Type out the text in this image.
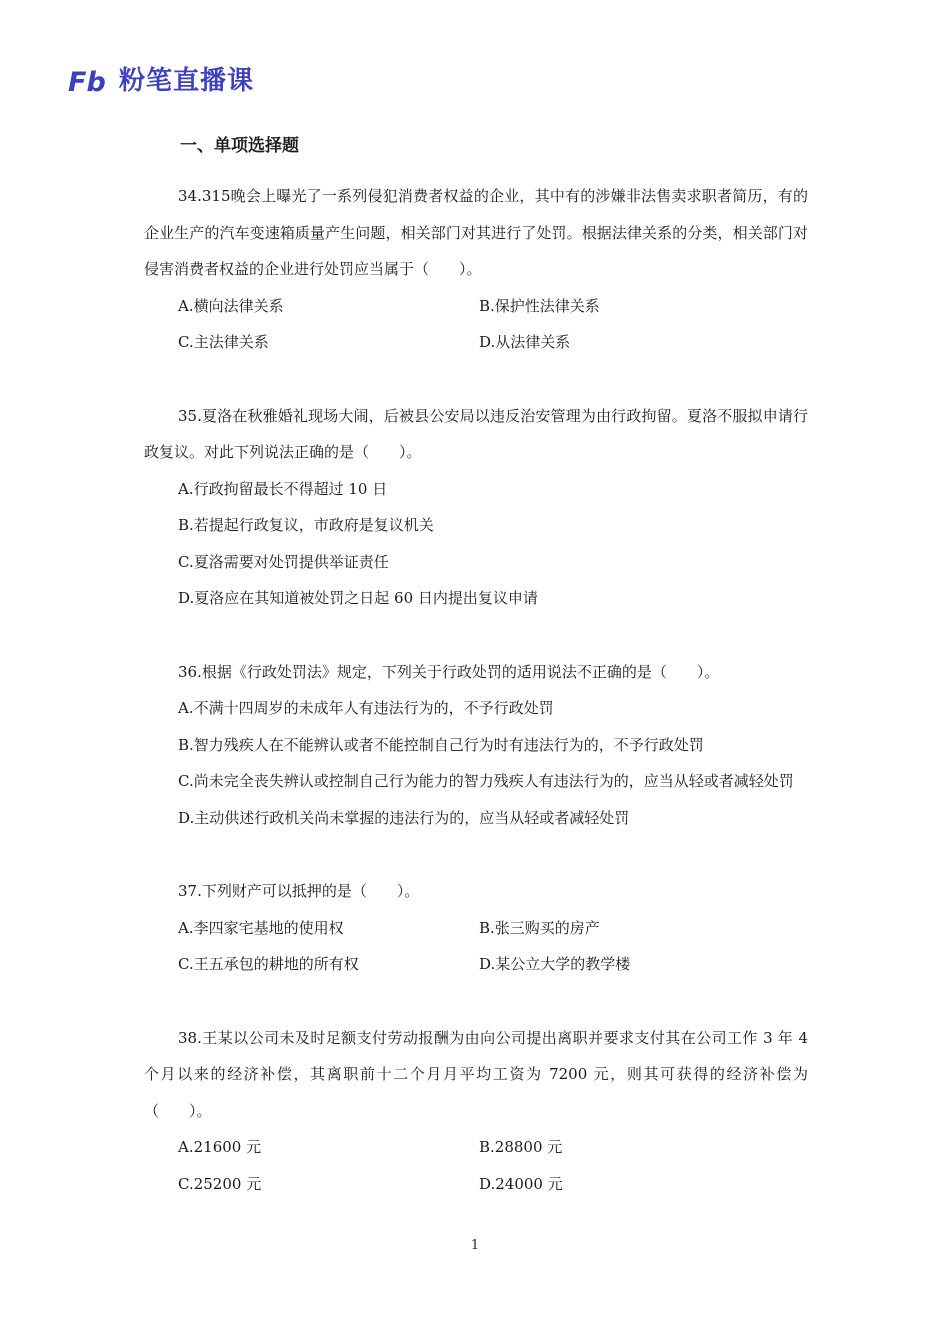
Fb 粉笔直播课
一、单项选择题

34.315晚会上曝光了一系列侵犯消费者权益的企业，其中有的涉嫌非法售卖求职者简历，有的企业生产的汽车变速箱质量产生问题，相关部门对其进行了处罚。根据法律关系的分类，相关部门对侵害消费者权益的企业进行处罚应当属于（　　）。

A.横向法律关系	B.保护性法律关系
C.主法律关系	D.从法律关系

35.夏洛在秋雅婚礼现场大闹，后被县公安局以违反治安管理为由行政拘留。夏洛不服拟申请行政复议。对此下列说法正确的是（　　）。

A.行政拘留最长不得超过 10 日
B.若提起行政复议，市政府是复议机关
C.夏洛需要对处罚提供举证责任
D.夏洛应在其知道被处罚之日起 60 日内提出复议申请

36.根据《行政处罚法》规定，下列关于行政处罚的适用说法不正确的是（　　）。

A.不满十四周岁的未成年人有违法行为的，不予行政处罚
B.智力残疾人在不能辨认或者不能控制自己行为时有违法行为的，不予行政处罚

C.尚未完全丧失辨认或控制自己行为能力的智力残疾人有违法行为的，应当从轻或者减轻处罚

D.主动供述行政机关尚未掌握的违法行为的，应当从轻或者减轻处罚

37.下列财产可以抵押的是（　　）。

A.李四家宅基地的使用权	B.张三购买的房产
C.王五承包的耕地的所有权	D.某公立大学的教学楼

38.王某以公司未及时足额支付劳动报酬为由向公司提出离职并要求支付其在公司工作 3 年 4 个月以来的经济补偿，其离职前十二个月月平均工资为 7200 元，则其可获得的经济补偿为（　　）。

A.21600 元	B.28800 元
C.25200 元	D.24000 元
1
